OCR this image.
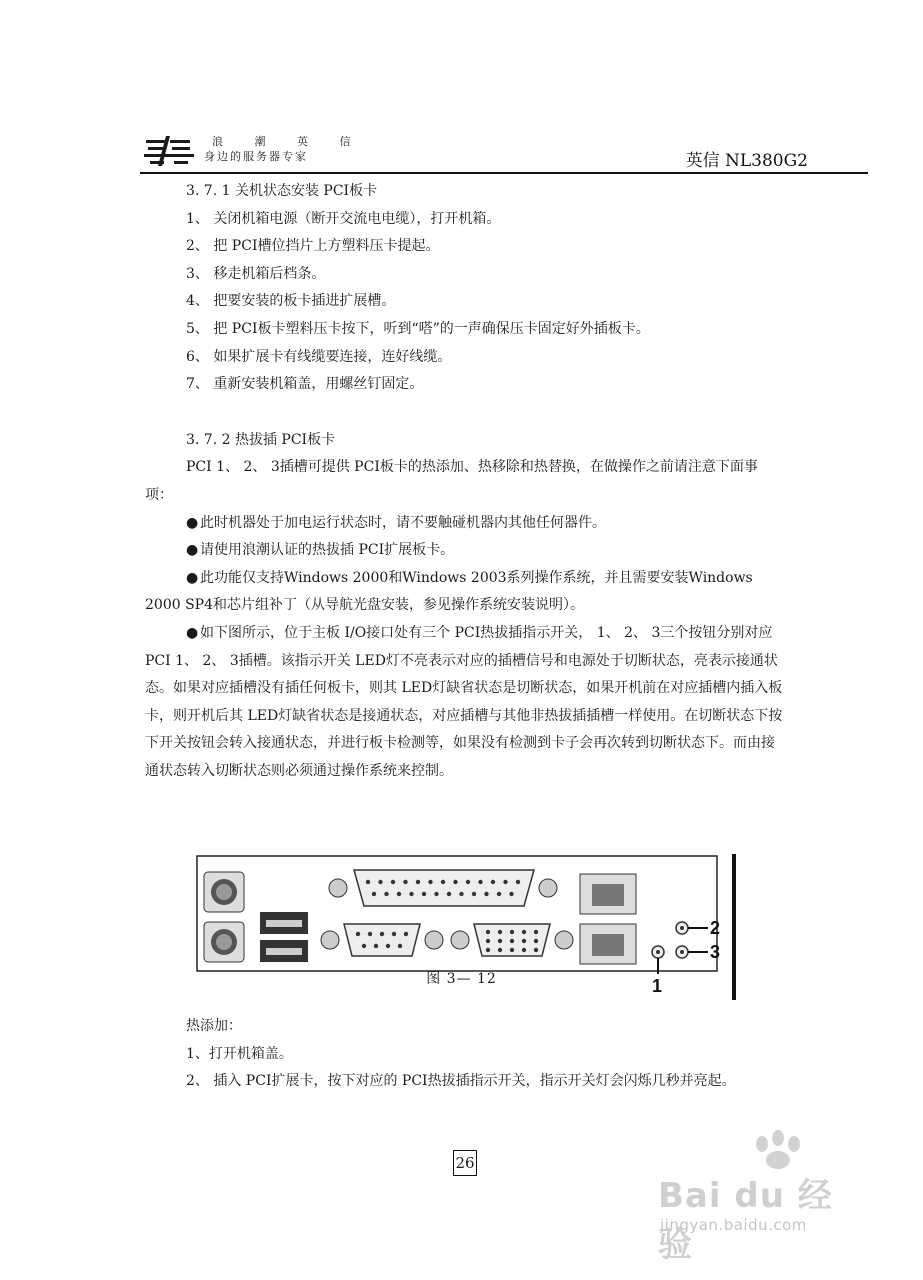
浪 潮 英 信
身边的服务器专家	英信 NL380G2

3. 7. 1 关机状态安装 PCI板卡

1、 关闭机箱电源（断开交流电电缆），打开机箱。

2、 把 PCI槽位挡片上方塑料压卡提起。

3、 移走机箱后档条。

4、 把要安装的板卡插进扩展槽。

5、 把 PCI板卡塑料压卡按下，听到“嗒”的一声确保压卡固定好外插板卡。

6、 如果扩展卡有线缆要连接，连好线缆。

7、 重新安装机箱盖，用螺丝钉固定。

3. 7. 2 热拔插 PCI板卡

PCI 1、 2、 3插槽可提供 PCI板卡的热添加、热移除和热替换，在做操作之前请注意下面事项：

● 此时机器处于加电运行状态时，请不要触碰机器内其他任何器件。

● 请使用浪潮认证的热拔插 PCI扩展板卡。

● 此功能仅支持Windows 2000和Windows 2003系列操作系统，并且需要安装Windows 2000 SP4和芯片组补丁（从导航光盘安装，参见操作系统安装说明）。

● 如下图所示，位于主板 I/O接口处有三个 PCI热拔插指示开关， 1、 2、 3三个按钮分别对应 PCI 1、 2、 3插槽。该指示开关 LED灯不亮表示对应的插槽信号和电源处于切断状态，亮表示接通状态。如果对应插槽没有插任何板卡，则其 LED灯缺省状态是切断状态，如果开机前在对应插槽内插入板卡，则开机后其 LED灯缺省状态是接通状态，对应插槽与其他非热拔插插槽一样使用。在切断状态下按下开关按钮会转入接通状态，并进行板卡检测等，如果没有检测到卡子会再次转到切断状态下。而由接通状态转入切断状态则必须通过操作系统来控制。

2
3
1
图 3— 12

热添加：

1、打开机箱盖。

2、 插入 PCI扩展卡，按下对应的 PCI热拔插指示开关，指示开关灯会闪烁几秒并亮起。

26
Bai du 经验
jingyan.baidu.com
